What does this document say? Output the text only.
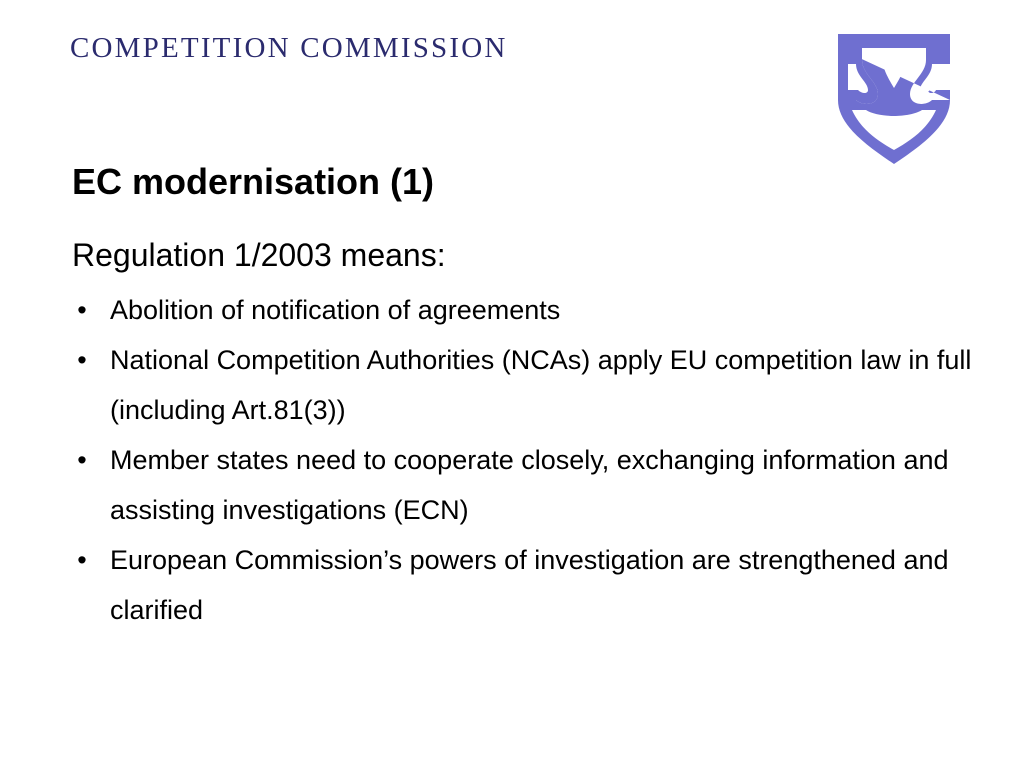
COMPETITION COMMISSION
EC modernisation (1)

Regulation 1/2003 means:

• Abolition of notification of agreements
• National Competition Authorities (NCAs) apply EU competition law in full (including Art.81(3))
• Member states need to cooperate closely, exchanging information and assisting investigations (ECN)
• European Commission’s powers of investigation are strengthened and clarified
